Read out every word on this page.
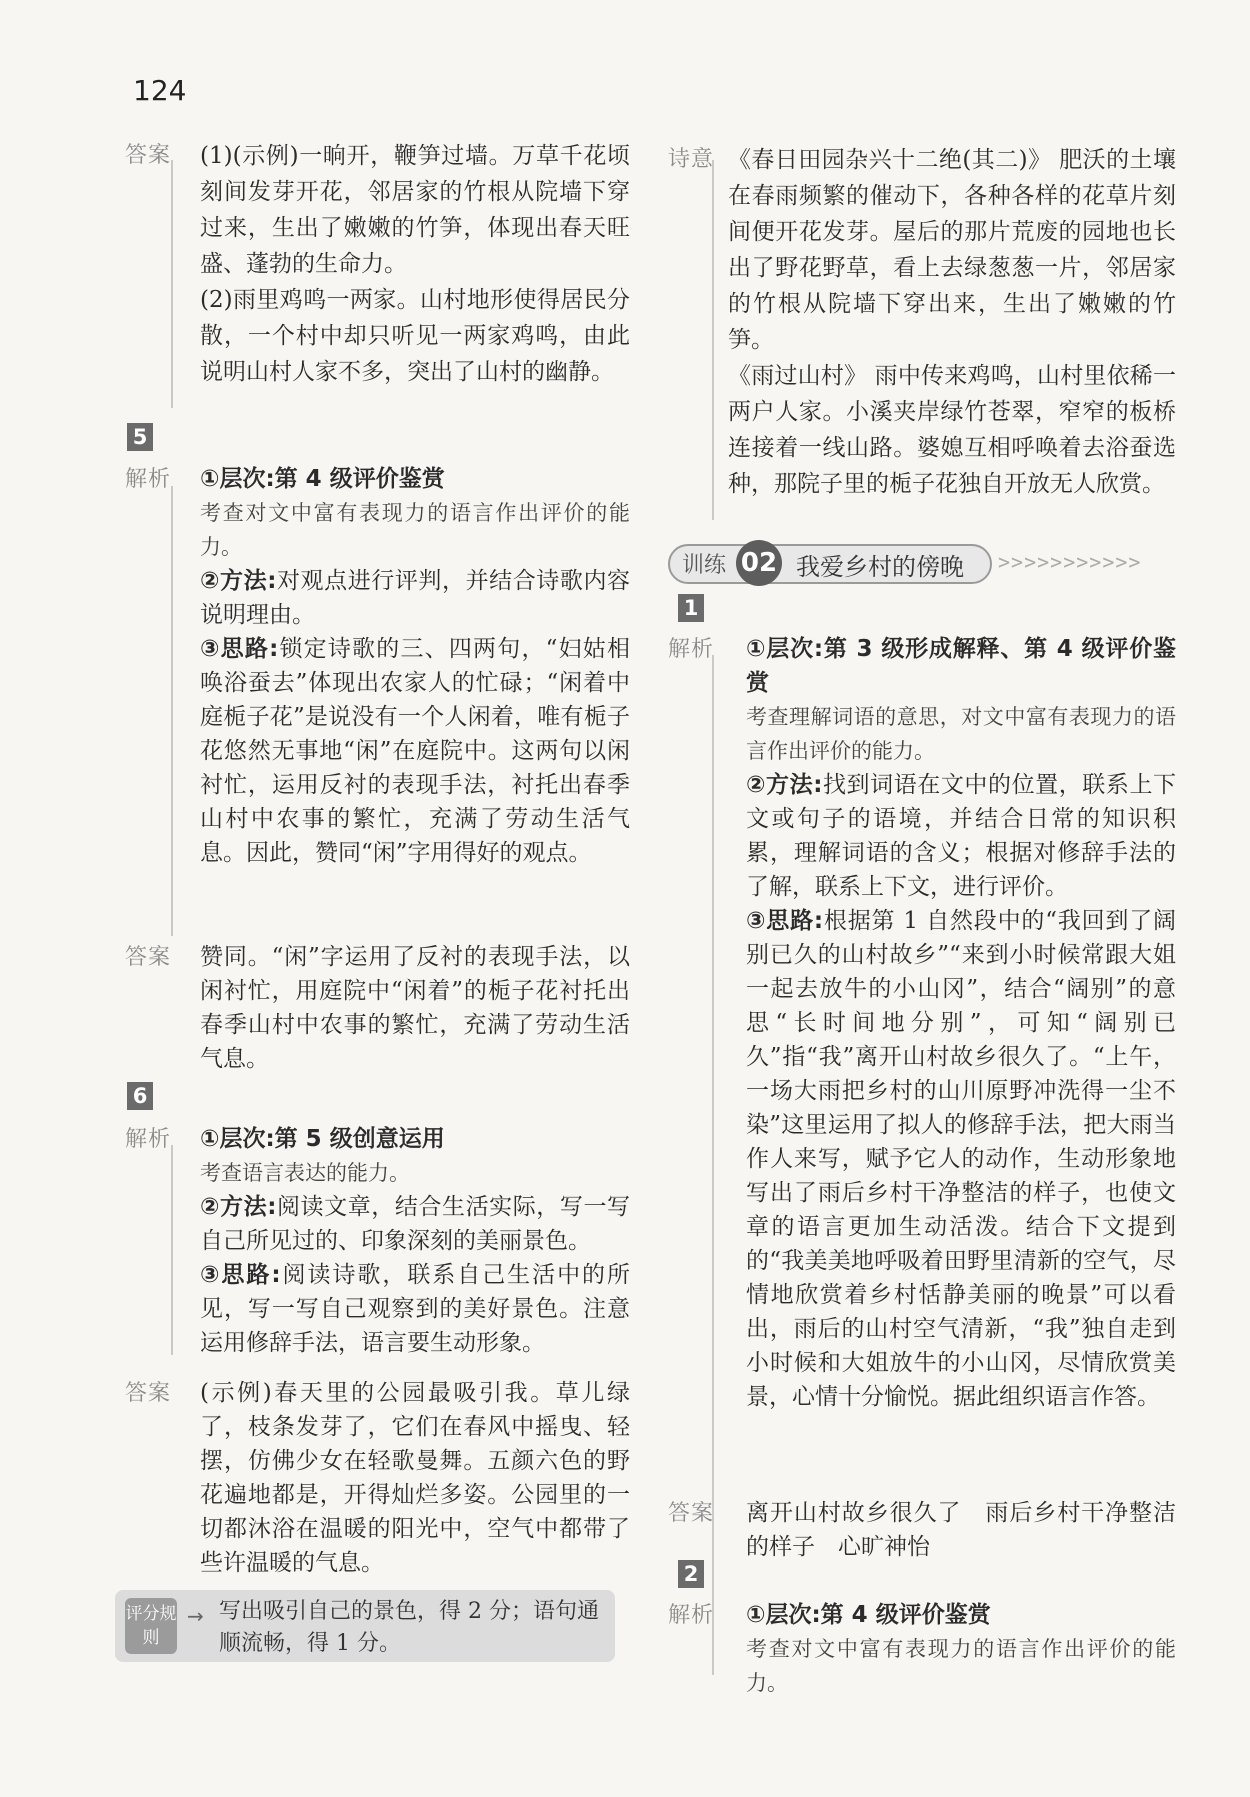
124
答案	(1)(示例)一晌开，鞭笋过墙。万草千花顷刻间发芽开花，邻居家的竹根从院墙下穿过来，生出了嫩嫩的竹笋，体现出春天旺盛、蓬勃的生命力。

(2)雨里鸡鸣一两家。山村地形使得居民分散，一个村中却只听见一两家鸡鸣，由此说明山村人家不多，突出了山村的幽静。

5
解析	①层次:第 4 级评价鉴赏

考查对文中富有表现力的语言作出评价的能力。

②方法:对观点进行评判，并结合诗歌内容说明理由。

③思路:锁定诗歌的三、四两句，“妇姑相唤浴蚕去”体现出农家人的忙碌；“闲着中庭栀子花”是说没有一个人闲着，唯有栀子花悠然无事地“闲”在庭院中。这两句以闲衬忙，运用反衬的表现手法，衬托出春季山村中农事的繁忙，充满了劳动生活气息。因此，赞同“闲”字用得好的观点。

答案	赞同。“闲”字运用了反衬的表现手法，以闲衬忙，用庭院中“闲着”的栀子花衬托出春季山村中农事的繁忙，充满了劳动生活气息。
6
解析	①层次:第 5 级创意运用

考查语言表达的能力。

②方法:阅读文章，结合生活实际，写一写自己所见过的、印象深刻的美丽景色。

③思路:阅读诗歌，联系自己生活中的所见，写一写自己观察到的美好景色。注意运用修辞手法，语言要生动形象。

答案	(示例)春天里的公园最吸引我。草儿绿了，枝条发芽了，它们在春风中摇曳、轻摆，仿佛少女在轻歌曼舞。五颜六色的野花遍地都是，开得灿烂多姿。公园里的一切都沐浴在温暖的阳光中，空气中都带了些许温暖的气息。
评分规则
→ 写出吸引自己的景色，得 2 分；语句通顺流畅，得 1 分。
诗意 《春日田园杂兴十二绝(其二)》 肥沃的土壤在春雨频繁的催动下，各种各样的花草片刻间便开花发芽。屋后的那片荒废的园地也长出了野花野草，看上去绿葱葱一片，邻居家的竹根从院墙下穿出来，生出了嫩嫩的竹笋。

《雨过山村》 雨中传来鸡鸣，山村里依稀一两户人家。小溪夹岸绿竹苍翠，窄窄的板桥连接着一线山路。婆媳互相呼唤着去浴蚕选种，那院子里的栀子花独自开放无人欣赏。

训练 02 我爱乡村的傍晚 >>>>>>>>>>>
1
解析	①层次:第 3 级形成解释、第 4 级评价鉴赏

考查理解词语的意思，对文中富有表现力的语言作出评价的能力。

②方法:找到词语在文中的位置，联系上下文或句子的语境，并结合日常的知识积累，理解词语的含义；根据对修辞手法的了解，联系上下文，进行评价。

③思路:根据第 1 自然段中的“我回到了阔别已久的山村故乡”“来到小时候常跟大姐一起去放牛的小山冈”，结合“阔别”的意思“长时间地分别”，可知“阔别已久”指“我”离开山村故乡很久了。“上午，一场大雨把乡村的山川原野冲洗得一尘不染”这里运用了拟人的修辞手法，把大雨当作人来写，赋予它人的动作，生动形象地写出了雨后乡村干净整洁的样子，也使文章的语言更加生动活泼。结合下文提到的“我美美地呼吸着田野里清新的空气，尽情地欣赏着乡村恬静美丽的晚景”可以看出，雨后的山村空气清新，“我”独自走到小时候和大姐放牛的小山冈，尽情欣赏美景，心情十分愉悦。据此组织语言作答。

答案	离开山村故乡很久了　雨后乡村干净整洁的样子　心旷神怡
2
解析	①层次:第 4 级评价鉴赏

考查对文中富有表现力的语言作出评价的能力。
